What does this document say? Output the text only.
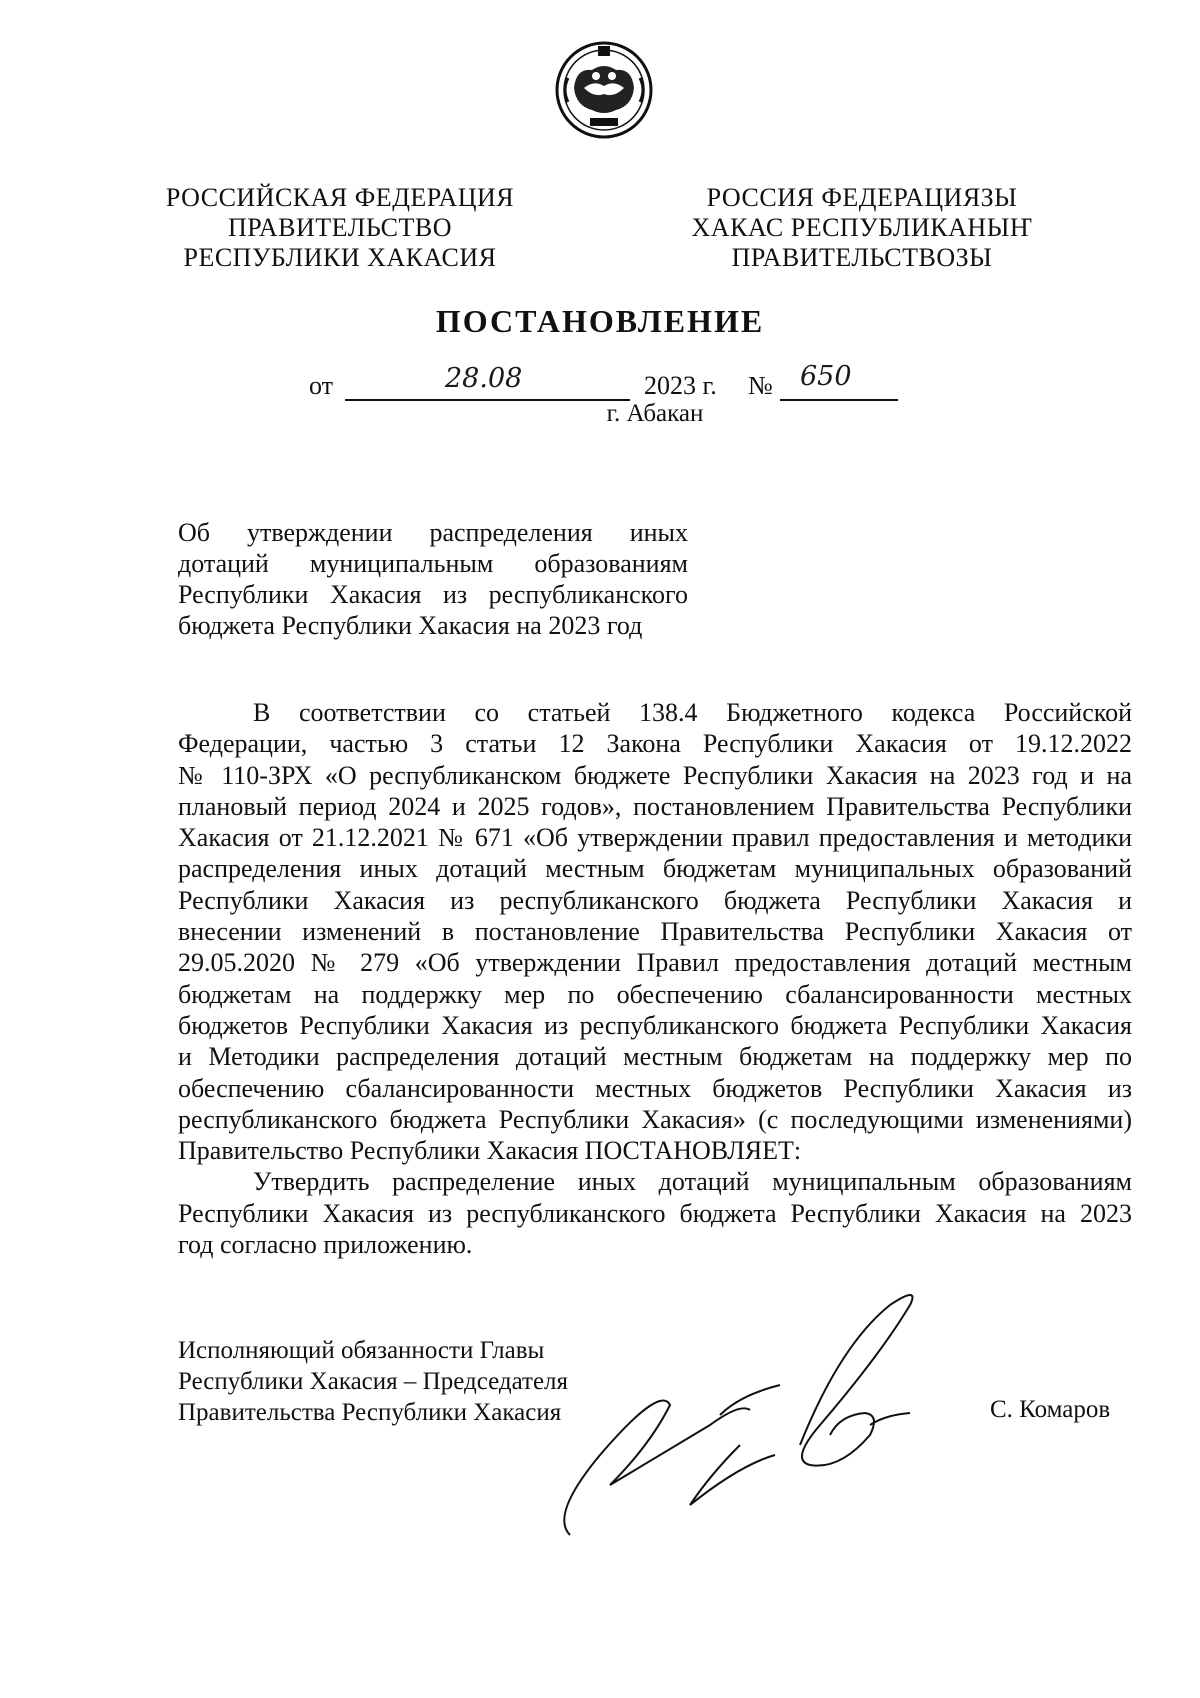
РОССИЙСКАЯ ФЕДЕРАЦИЯ
ПРАВИТЕЛЬСТВО
РЕСПУБЛИКИ ХАКАСИЯ
РОССИЯ ФЕДЕРАЦИЯЗЫ
ХАКАС РЕСПУБЛИКАНЫҤ
ПРАВИТЕЛЬСТВОЗЫ
ПОСТАНОВЛЕНИЕ
от	28.08	2023 г. № 650
г. Абакан
Об утверждении распределения иных
дотаций муниципальным образованиям
Республики Хакасия из республиканского
бюджета Республики Хакасия на 2023 год
В соответствии со статьей 138.4 Бюджетного кодекса Российской
Федерации, частью 3 статьи 12 Закона Республики Хакасия от 19.12.2022
№ 110-ЗРХ «О республиканском бюджете Республики Хакасия на 2023 год и на
плановый период 2024 и 2025 годов», постановлением Правительства Республики
Хакасия от 21.12.2021 № 671 «Об утверждении правил предоставления и методики
распределения иных дотаций местным бюджетам муниципальных образований
Республики Хакасия из республиканского бюджета Республики Хакасия и
внесении изменений в постановление Правительства Республики Хакасия от
29.05.2020 № 279 «Об утверждении Правил предоставления дотаций местным
бюджетам на поддержку мер по обеспечению сбалансированности местных
бюджетов Республики Хакасия из республиканского бюджета Республики Хакасия
и Методики распределения дотаций местным бюджетам на поддержку мер по
обеспечению сбалансированности местных бюджетов Республики Хакасия из
республиканского бюджета Республики Хакасия» (с последующими изменениями)
Правительство Республики Хакасия ПОСТАНОВЛЯЕТ:
Утвердить распределение иных дотаций муниципальным образованиям
Республики Хакасия из республиканского бюджета Республики Хакасия на 2023
год согласно приложению.
Исполняющий обязанности Главы
Республики Хакасия – Председателя
Правительства Республики Хакасия	С. Комаров
